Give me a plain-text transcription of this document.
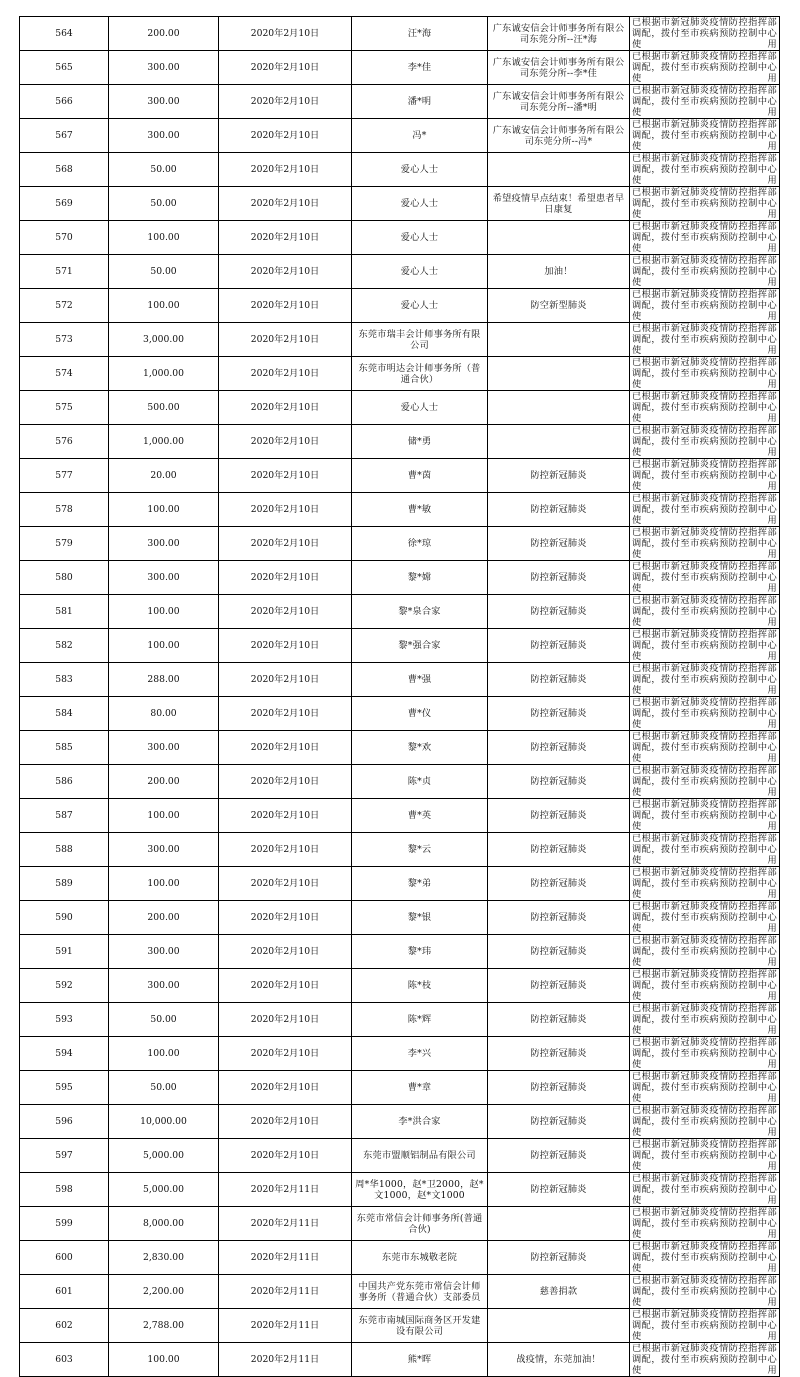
564	200.00	2020年2月10日	汪*海	广东诚安信会计师事务所有限公司东莞分所--汪*海	已根据市新冠肺炎疫情防控指挥部调配，拨付至市疾病预防控制中心使用
565	300.00	2020年2月10日	李*佳	广东诚安信会计师事务所有限公司东莞分所--李*佳	已根据市新冠肺炎疫情防控指挥部调配，拨付至市疾病预防控制中心使用
566	300.00	2020年2月10日	潘*明	广东诚安信会计师事务所有限公司东莞分所--潘*明	已根据市新冠肺炎疫情防控指挥部调配，拨付至市疾病预防控制中心使用
567	300.00	2020年2月10日	冯*	广东诚安信会计师事务所有限公司东莞分所--冯*	已根据市新冠肺炎疫情防控指挥部调配，拨付至市疾病预防控制中心使用
568	50.00	2020年2月10日	爱心人士		已根据市新冠肺炎疫情防控指挥部调配，拨付至市疾病预防控制中心使用
569	50.00	2020年2月10日	爱心人士	希望疫情早点结束！希望患者早日康复	已根据市新冠肺炎疫情防控指挥部调配，拨付至市疾病预防控制中心使用
570	100.00	2020年2月10日	爱心人士		已根据市新冠肺炎疫情防控指挥部调配，拨付至市疾病预防控制中心使用
571	50.00	2020年2月10日	爱心人士	加油！	已根据市新冠肺炎疫情防控指挥部调配，拨付至市疾病预防控制中心使用
572	100.00	2020年2月10日	爱心人士	防空新型肺炎	已根据市新冠肺炎疫情防控指挥部调配，拨付至市疾病预防控制中心使用
573	3,000.00	2020年2月10日	东莞市瑞丰会计师事务所有限公司		已根据市新冠肺炎疫情防控指挥部调配，拨付至市疾病预防控制中心使用
574	1,000.00	2020年2月10日	东莞市明达会计师事务所（普通合伙）		已根据市新冠肺炎疫情防控指挥部调配，拨付至市疾病预防控制中心使用
575	500.00	2020年2月10日	爱心人士		已根据市新冠肺炎疫情防控指挥部调配，拨付至市疾病预防控制中心使用
576	1,000.00	2020年2月10日	储*勇		已根据市新冠肺炎疫情防控指挥部调配，拨付至市疾病预防控制中心使用
577	20.00	2020年2月10日	曹*茵	防控新冠肺炎	已根据市新冠肺炎疫情防控指挥部调配，拨付至市疾病预防控制中心使用
578	100.00	2020年2月10日	曹*敏	防控新冠肺炎	已根据市新冠肺炎疫情防控指挥部调配，拨付至市疾病预防控制中心使用
579	300.00	2020年2月10日	徐*琼	防控新冠肺炎	已根据市新冠肺炎疫情防控指挥部调配，拨付至市疾病预防控制中心使用
580	300.00	2020年2月10日	黎*嫦	防控新冠肺炎	已根据市新冠肺炎疫情防控指挥部调配，拨付至市疾病预防控制中心使用
581	100.00	2020年2月10日	黎*泉合家	防控新冠肺炎	已根据市新冠肺炎疫情防控指挥部调配，拨付至市疾病预防控制中心使用
582	100.00	2020年2月10日	黎*强合家	防控新冠肺炎	已根据市新冠肺炎疫情防控指挥部调配，拨付至市疾病预防控制中心使用
583	288.00	2020年2月10日	曹*强	防控新冠肺炎	已根据市新冠肺炎疫情防控指挥部调配，拨付至市疾病预防控制中心使用
584	80.00	2020年2月10日	曹*仪	防控新冠肺炎	已根据市新冠肺炎疫情防控指挥部调配，拨付至市疾病预防控制中心使用
585	300.00	2020年2月10日	黎*欢	防控新冠肺炎	已根据市新冠肺炎疫情防控指挥部调配，拨付至市疾病预防控制中心使用
586	200.00	2020年2月10日	陈*贞	防控新冠肺炎	已根据市新冠肺炎疫情防控指挥部调配，拨付至市疾病预防控制中心使用
587	100.00	2020年2月10日	曹*英	防控新冠肺炎	已根据市新冠肺炎疫情防控指挥部调配，拨付至市疾病预防控制中心使用
588	300.00	2020年2月10日	黎*云	防控新冠肺炎	已根据市新冠肺炎疫情防控指挥部调配，拨付至市疾病预防控制中心使用
589	100.00	2020年2月10日	黎*弟	防控新冠肺炎	已根据市新冠肺炎疫情防控指挥部调配，拨付至市疾病预防控制中心使用
590	200.00	2020年2月10日	黎*银	防控新冠肺炎	已根据市新冠肺炎疫情防控指挥部调配，拨付至市疾病预防控制中心使用
591	300.00	2020年2月10日	黎*玮	防控新冠肺炎	已根据市新冠肺炎疫情防控指挥部调配，拨付至市疾病预防控制中心使用
592	300.00	2020年2月10日	陈*枝	防控新冠肺炎	已根据市新冠肺炎疫情防控指挥部调配，拨付至市疾病预防控制中心使用
593	50.00	2020年2月10日	陈*辉	防控新冠肺炎	已根据市新冠肺炎疫情防控指挥部调配，拨付至市疾病预防控制中心使用
594	100.00	2020年2月10日	李*兴	防控新冠肺炎	已根据市新冠肺炎疫情防控指挥部调配，拨付至市疾病预防控制中心使用
595	50.00	2020年2月10日	曹*章	防控新冠肺炎	已根据市新冠肺炎疫情防控指挥部调配，拨付至市疾病预防控制中心使用
596	10,000.00	2020年2月10日	李*洪合家	防控新冠肺炎	已根据市新冠肺炎疫情防控指挥部调配，拨付至市疾病预防控制中心使用
597	5,000.00	2020年2月10日	东莞市盟顺铝制品有限公司	防控新冠肺炎	已根据市新冠肺炎疫情防控指挥部调配，拨付至市疾病预防控制中心使用
598	5,000.00	2020年2月11日	周*华1000，赵*卫2000，赵*文1000，赵*文1000	防控新冠肺炎	已根据市新冠肺炎疫情防控指挥部调配，拨付至市疾病预防控制中心使用
599	8,000.00	2020年2月11日	东莞市常信会计师事务所(普通合伙)		已根据市新冠肺炎疫情防控指挥部调配，拨付至市疾病预防控制中心使用
600	2,830.00	2020年2月11日	东莞市东城敬老院	防控新冠肺炎	已根据市新冠肺炎疫情防控指挥部调配，拨付至市疾病预防控制中心使用
601	2,200.00	2020年2月11日	中国共产党东莞市常信会计师事务所（普通合伙）支部委员	慈善捐款	已根据市新冠肺炎疫情防控指挥部调配，拨付至市疾病预防控制中心使用
602	2,788.00	2020年2月11日	东莞市南城国际商务区开发建设有限公司		已根据市新冠肺炎疫情防控指挥部调配，拨付至市疾病预防控制中心使用
603	100.00	2020年2月11日	熊*晖	战疫情，东莞加油！	已根据市新冠肺炎疫情防控指挥部调配，拨付至市疾病预防控制中心使用
